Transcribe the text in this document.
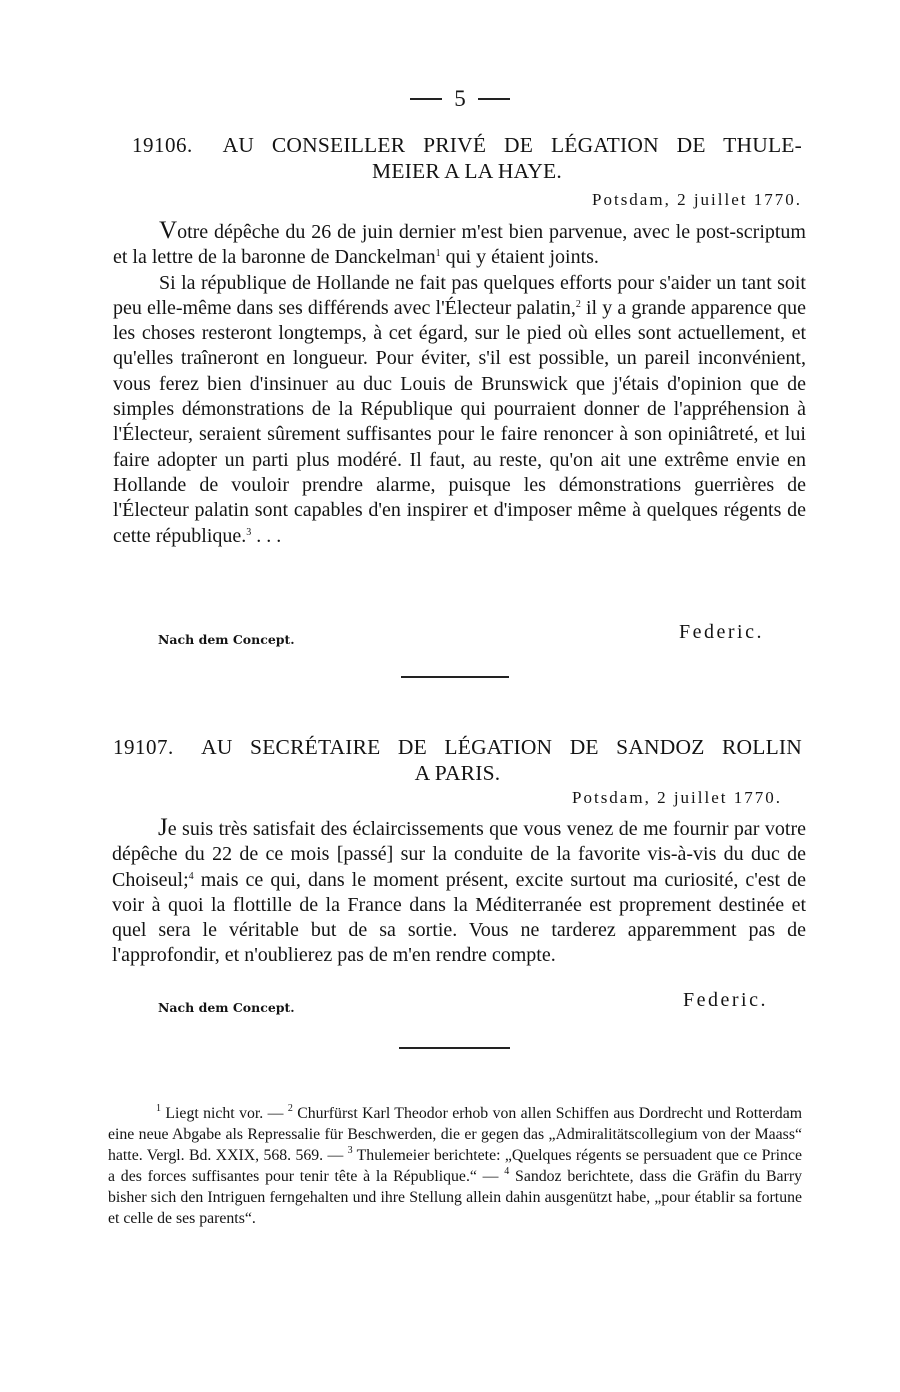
5
19106. AU CONSEILLER PRIVÉ DE LÉGATION DE THULE-
MEIER A LA HAYE.
Potsdam, 2 juillet 1770.

Votre dépêche du 26 de juin dernier m'est bien parvenue, avec le post-scriptum et la lettre de la baronne de Danckelman$^1$ qui y étaient joints.

Si la république de Hollande ne fait pas quelques efforts pour s'aider un tant soit peu elle-même dans ses différends avec l'Électeur palatin,$^2$ il y a grande apparence que les choses resteront longtemps, à cet égard, sur le pied où elles sont actuellement, et qu'elles traîneront en longueur. Pour éviter, s'il est possible, un pareil inconvénient, vous ferez bien d'insinuer au duc Louis de Brunswick que j'étais d'opinion que de simples démonstrations de la République qui pourraient donner de l'appréhension à l'Électeur, seraient sûrement suffisantes pour le faire renoncer à son opiniâtreté, et lui faire adopter un parti plus modéré. Il faut, au reste, qu'on ait une extrême envie en Hollande de vouloir prendre alarme, puisque les démonstrations guerrières de l'Électeur palatin sont capables d'en inspirer et d'imposer même à quelques régents de cette république.$^3$ . . .

Nach dem Concept.	Federic.
19107. AU SECRÉTAIRE DE LÉGATION DE SANDOZ ROLLIN
A PARIS.
Potsdam, 2 juillet 1770.

Je suis très satisfait des éclaircissements que vous venez de me fournir par votre dépêche du 22 de ce mois [passé] sur la conduite de la favorite vis-à-vis du duc de Choiseul;$^4$ mais ce qui, dans le moment présent, excite surtout ma curiosité, c'est de voir à quoi la flottille de la France dans la Méditerranée est proprement destinée et quel sera le véritable but de sa sortie. Vous ne tarderez apparemment pas de l'approfondir, et n'oublierez pas de m'en rendre compte.

Nach dem Concept.	Federic.

$^1$ Liegt nicht vor. — $^2$ Churfürst Karl Theodor erhob von allen Schiffen aus Dordrecht und Rotterdam eine neue Abgabe als Repressalie für Beschwerden, die er gegen das „Admiralitätscollegium von der Maass“ hatte. Vergl. Bd. XXIX, 568. 569. — $^3$ Thulemeier berichtete: „Quelques régents se persuadent que ce Prince a des forces suffisantes pour tenir tête à la République.“ — $^4$ Sandoz berichtete, dass die Gräfin du Barry bisher sich den Intriguen ferngehalten und ihre Stellung allein dahin ausgenützt habe, „pour établir sa fortune et celle de ses parents“.
